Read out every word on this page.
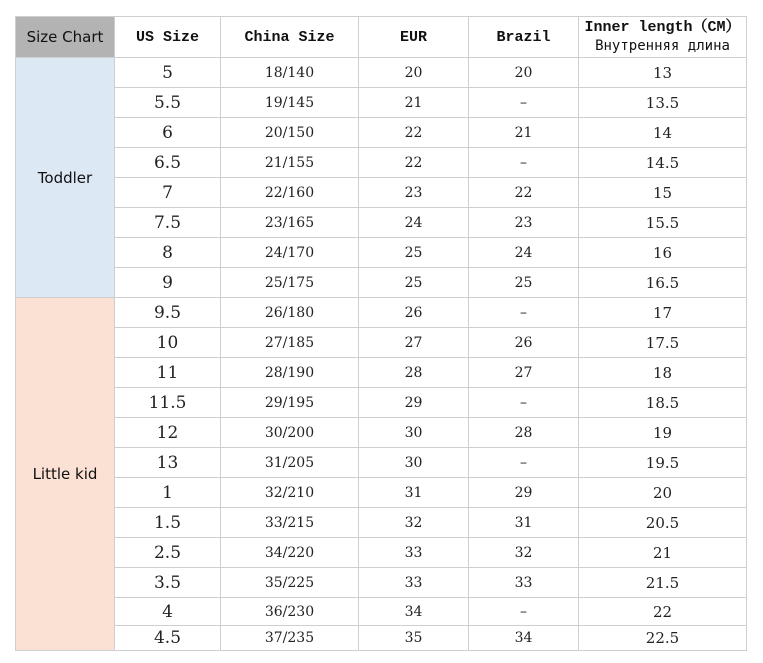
Size Chart	US Size	China Size	EUR	Brazil	Inner length（CM）
Внутренняя длина

Toddler	5	18/140	20	20	13
	5.5	19/145	21	–	13.5
	6	20/150	22	21	14
	6.5	21/155	22	–	14.5
	7	22/160	23	22	15
	7.5	23/165	24	23	15.5
	8	24/170	25	24	16
	9	25/175	25	25	16.5
Little kid	9.5	26/180	26	–	17
	10	27/185	27	26	17.5
	11	28/190	28	27	18
	11.5	29/195	29	–	18.5
	12	30/200	30	28	19
	13	31/205	30	–	19.5
	1	32/210	31	29	20
	1.5	33/215	32	31	20.5
	2.5	34/220	33	32	21
	3.5	35/225	33	33	21.5
	4	36/230	34	–	22
	4.5	37/235	35	34	22.5
